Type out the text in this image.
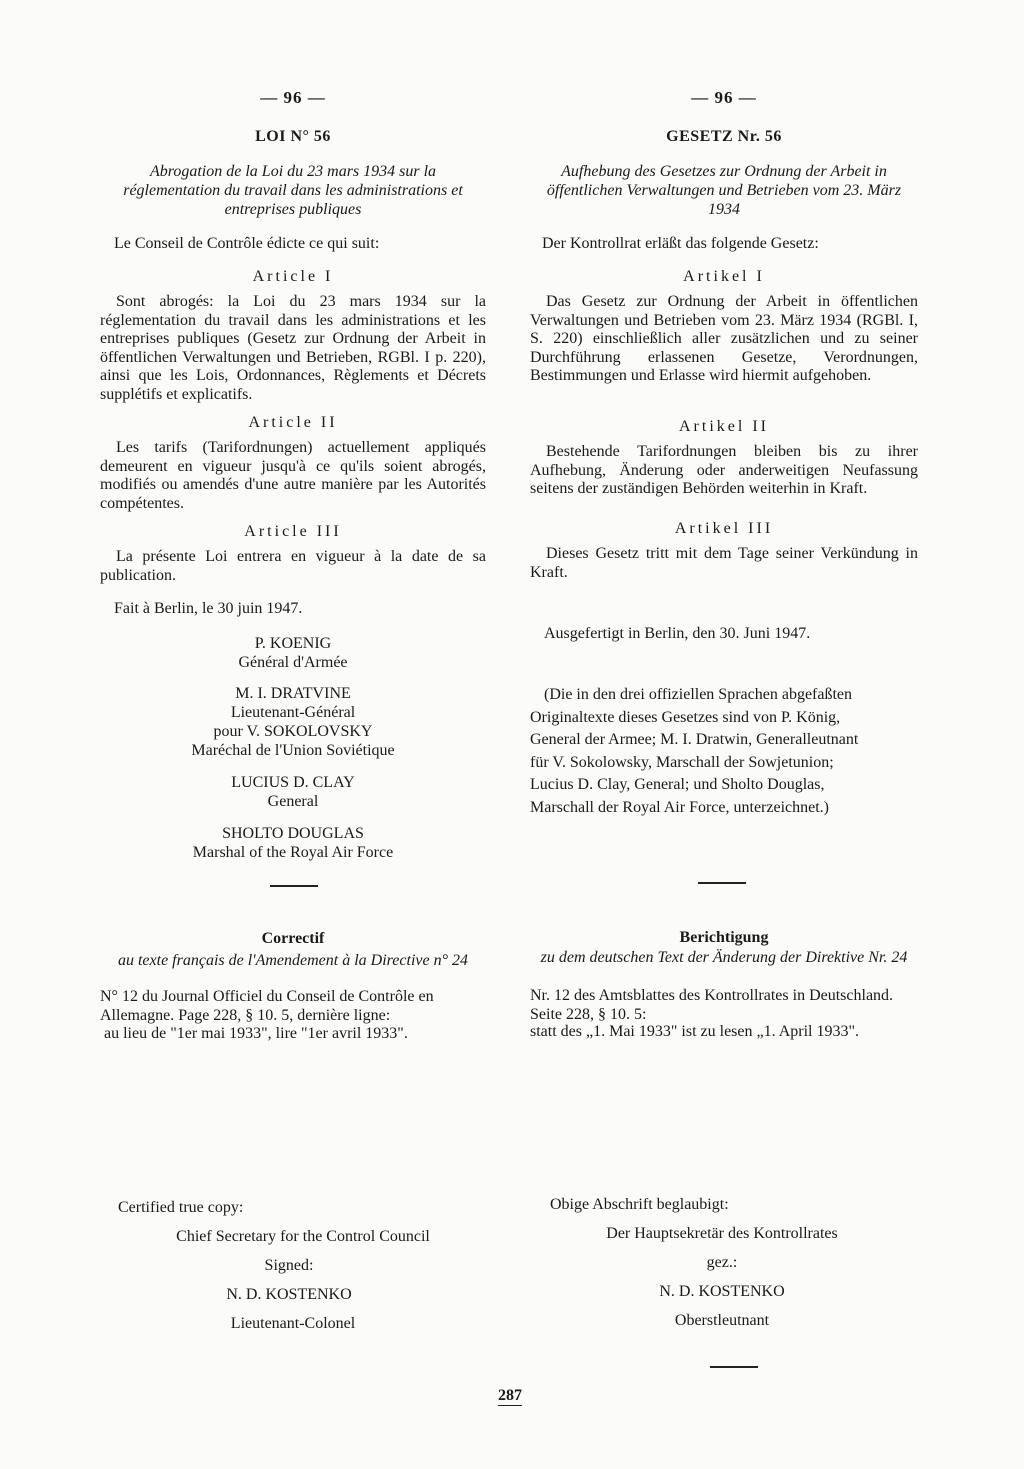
— 96 —
LOI N° 56
Abrogation de la Loi du 23 mars 1934 sur la réglementation du travail dans les administrations et entreprises publiques
Le Conseil de Contrôle édicte ce qui suit:
Article I
Sont abrogés: la Loi du 23 mars 1934 sur la réglementation du travail dans les administrations et les entreprises publiques (Gesetz zur Ordnung der Arbeit in öffentlichen Verwaltungen und Betrieben, RGBl. I p. 220), ainsi que les Lois, Ordonnances, Règlements et Décrets supplétifs et explicatifs.
Article II
Les tarifs (Tarifordnungen) actuellement appliqués demeurent en vigueur jusqu'à ce qu'ils soient abrogés, modifiés ou amendés d'une autre manière par les Autorités compétentes.
Article III
La présente Loi entrera en vigueur à la date de sa publication.
Fait à Berlin, le 30 juin 1947.
P. KOENIG
Général d'Armée
M. I. DRATVINE
Lieutenant-Général
pour V. SOKOLOVSKY
Maréchal de l'Union Soviétique
LUCIUS D. CLAY
General
SHOLTO DOUGLAS
Marshal of the Royal Air Force
Correctif
au texte français de l'Amendement à la Directive n° 24
N° 12 du Journal Officiel du Conseil de Contrôle en Allemagne. Page 228, § 10. 5, dernière ligne:
au lieu de "1er mai 1933", lire "1er avril 1933".
Certified true copy:
Chief Secretary for the Control Council
Signed:
N. D. KOSTENKO
Lieutenant-Colonel
— 96 —
GESETZ Nr. 56
Aufhebung des Gesetzes zur Ordnung der Arbeit in öffentlichen Verwaltungen und Betrieben vom 23. März 1934
Der Kontrollrat erläßt das folgende Gesetz:
Artikel I
Das Gesetz zur Ordnung der Arbeit in öffentlichen Verwaltungen und Betrieben vom 23. März 1934 (RGBl. I, S. 220) einschließlich aller zusätzlichen und zu seiner Durchführung erlassenen Gesetze, Verordnungen, Bestimmungen und Erlasse wird hiermit aufgehoben.
Artikel II
Bestehende Tarifordnungen bleiben bis zu ihrer Aufhebung, Änderung oder anderweitigen Neufassung seitens der zuständigen Behörden weiterhin in Kraft.
Artikel III
Dieses Gesetz tritt mit dem Tage seiner Verkündung in Kraft.
Ausgefertigt in Berlin, den 30. Juni 1947.
(Die in den drei offiziellen Sprachen abgefaßten
Originaltexte dieses Gesetzes sind von P. König,
General der Armee; M. I. Dratwin, Generalleutnant
für V. Sokolowsky, Marschall der Sowjetunion;
Lucius D. Clay, General; und Sholto Douglas,
Marschall der Royal Air Force, unterzeichnet.)
Berichtigung
zu dem deutschen Text der Änderung der Direktive Nr. 24
Nr. 12 des Amtsblattes des Kontrollrates in Deutschland. Seite 228, § 10. 5:
statt des „1. Mai 1933" ist zu lesen „1. April 1933".
Obige Abschrift beglaubigt:
Der Hauptsekretär des Kontrollrates
gez.:
N. D. KOSTENKO
Oberstleutnant
287
